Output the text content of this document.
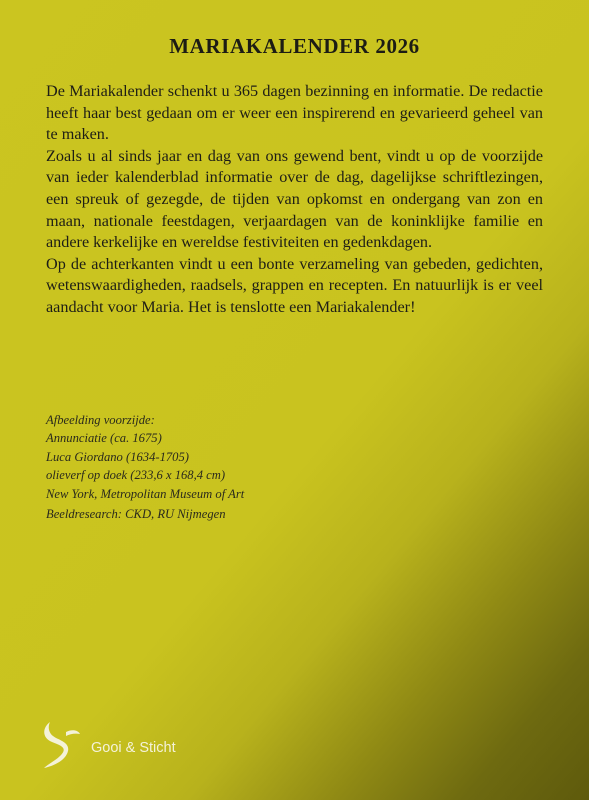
MARIAKALENDER 2026

De Mariakalender schenkt u 365 dagen bezinning en informatie. De redactie heeft haar best gedaan om er weer een inspirerend en gevarieerd geheel van te maken.

Zoals u al sinds jaar en dag van ons gewend bent, vindt u op de voorzijde van ieder kalenderblad informatie over de dag, dagelijkse schriftlezingen, een spreuk of gezegde, de tijden van opkomst en ondergang van zon en maan, nationale feestdagen, verjaardagen van de koninklijke familie en andere kerkelijke en wereldse festiviteiten en gedenkdagen.

Op de achterkanten vindt u een bonte verzameling van gebeden, gedichten, wetenswaardigheden, raadsels, grappen en recepten. En natuurlijk is er veel aandacht voor Maria. Het is tenslotte een Mariakalender!

Afbeelding voorzijde:
Annunciatie (ca. 1675)
Luca Giordano (1634-1705)
olieverf op doek (233,6 x 168,4 cm)
New York, Metropolitan Museum of Art
Beeldresearch: CKD, RU Nijmegen
Gooi & Sticht
